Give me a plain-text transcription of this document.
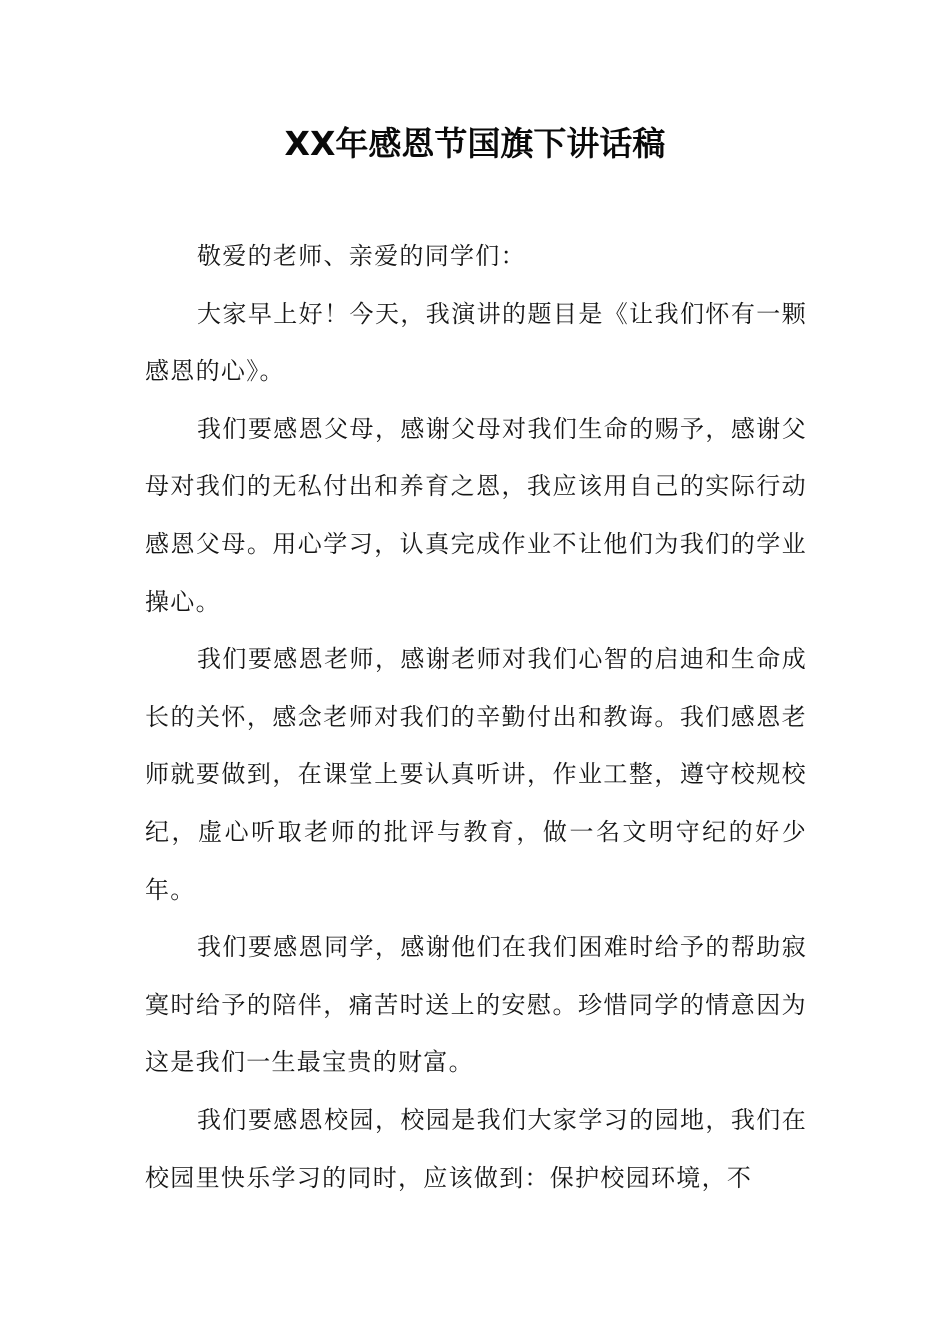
XX年感恩节国旗下讲话稿

敬爱的老师、亲爱的同学们：

大家早上好！今天，我演讲的题目是《让我们怀有一颗感恩的心》。

我们要感恩父母，感谢父母对我们生命的赐予，感谢父母对我们的无私付出和养育之恩，我应该用自己的实际行动感恩父母。用心学习，认真完成作业不让他们为我们的学业操心。

我们要感恩老师，感谢老师对我们心智的启迪和生命成长的关怀，感念老师对我们的辛勤付出和教诲。我们感恩老师就要做到，在课堂上要认真听讲，作业工整，遵守校规校纪，虚心听取老师的批评与教育，做一名文明守纪的好少年。

我们要感恩同学，感谢他们在我们困难时给予的帮助寂寞时给予的陪伴，痛苦时送上的安慰。珍惜同学的情意因为这是我们一生最宝贵的财富。

我们要感恩校园，校园是我们大家学习的园地，我们在校园里快乐学习的同时，应该做到：保护校园环境，不
